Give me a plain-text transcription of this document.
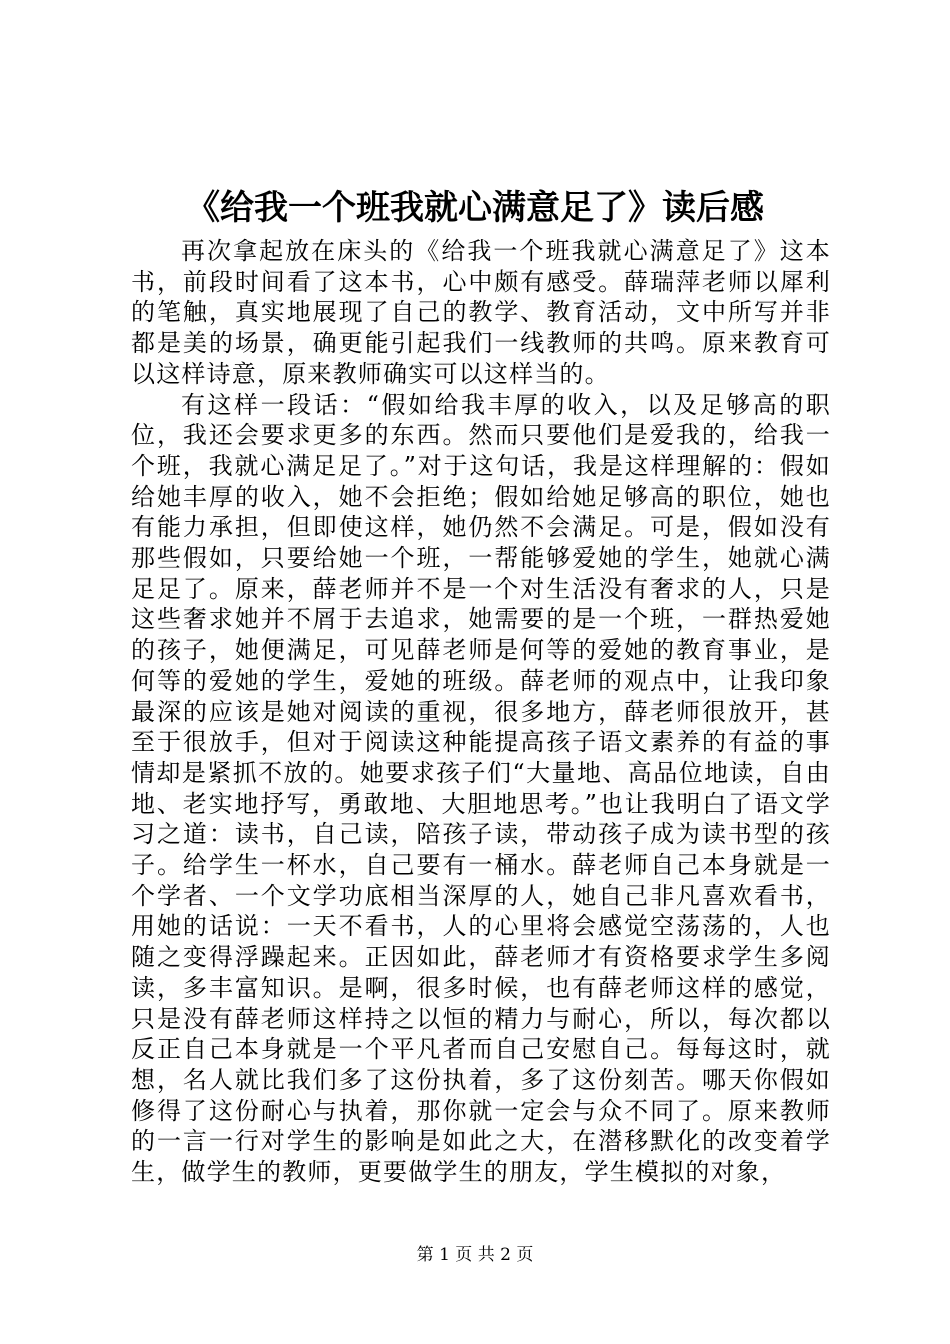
《给我一个班我就心满意足了》读后感

再次拿起放在床头的《给我一个班我就心满意足了》这本书，前段时间看了这本书，心中颇有感受。薛瑞萍老师以犀利的笔触，真实地展现了自己的教学、教育活动，文中所写并非都是美的场景，确更能引起我们一线教师的共鸣。原来教育可以这样诗意，原来教师确实可以这样当的。

有这样一段话：“假如给我丰厚的收入，以及足够高的职位，我还会要求更多的东西。然而只要他们是爱我的，给我一个班，我就心满足足了。”对于这句话，我是这样理解的：假如给她丰厚的收入，她不会拒绝；假如给她足够高的职位，她也有能力承担，但即使这样，她仍然不会满足。可是，假如没有那些假如，只要给她一个班，一帮能够爱她的学生，她就心满足足了。原来，薛老师并不是一个对生活没有奢求的人，只是这些奢求她并不屑于去追求，她需要的是一个班，一群热爱她的孩子，她便满足，可见薛老师是何等的爱她的教育事业，是何等的爱她的学生，爱她的班级。薛老师的观点中，让我印象最深的应该是她对阅读的重视，很多地方，薛老师很放开，甚至于很放手，但对于阅读这种能提高孩子语文素养的有益的事情却是紧抓不放的。她要求孩子们“大量地、高品位地读，自由地、老实地抒写，勇敢地、大胆地思考。”也让我明白了语文学习之道：读书，自己读，陪孩子读，带动孩子成为读书型的孩子。给学生一杯水，自己要有一桶水。薛老师自己本身就是一个学者、一个文学功底相当深厚的人，她自己非凡喜欢看书，用她的话说：一天不看书，人的心里将会感觉空荡荡的，人也随之变得浮躁起来。正因如此，薛老师才有资格要求学生多阅读，多丰富知识。是啊，很多时候，也有薛老师这样的感觉，只是没有薛老师这样持之以恒的精力与耐心，所以，每次都以反正自己本身就是一个平凡者而自己安慰自己。每每这时，就想，名人就比我们多了这份执着，多了这份刻苦。哪天你假如修得了这份耐心与执着，那你就一定会与众不同了。原来教师的一言一行对学生的影响是如此之大，在潜移默化的改变着学生，做学生的教师，更要做学生的朋友，学生模拟的对象，

第 1 页 共 2 页
